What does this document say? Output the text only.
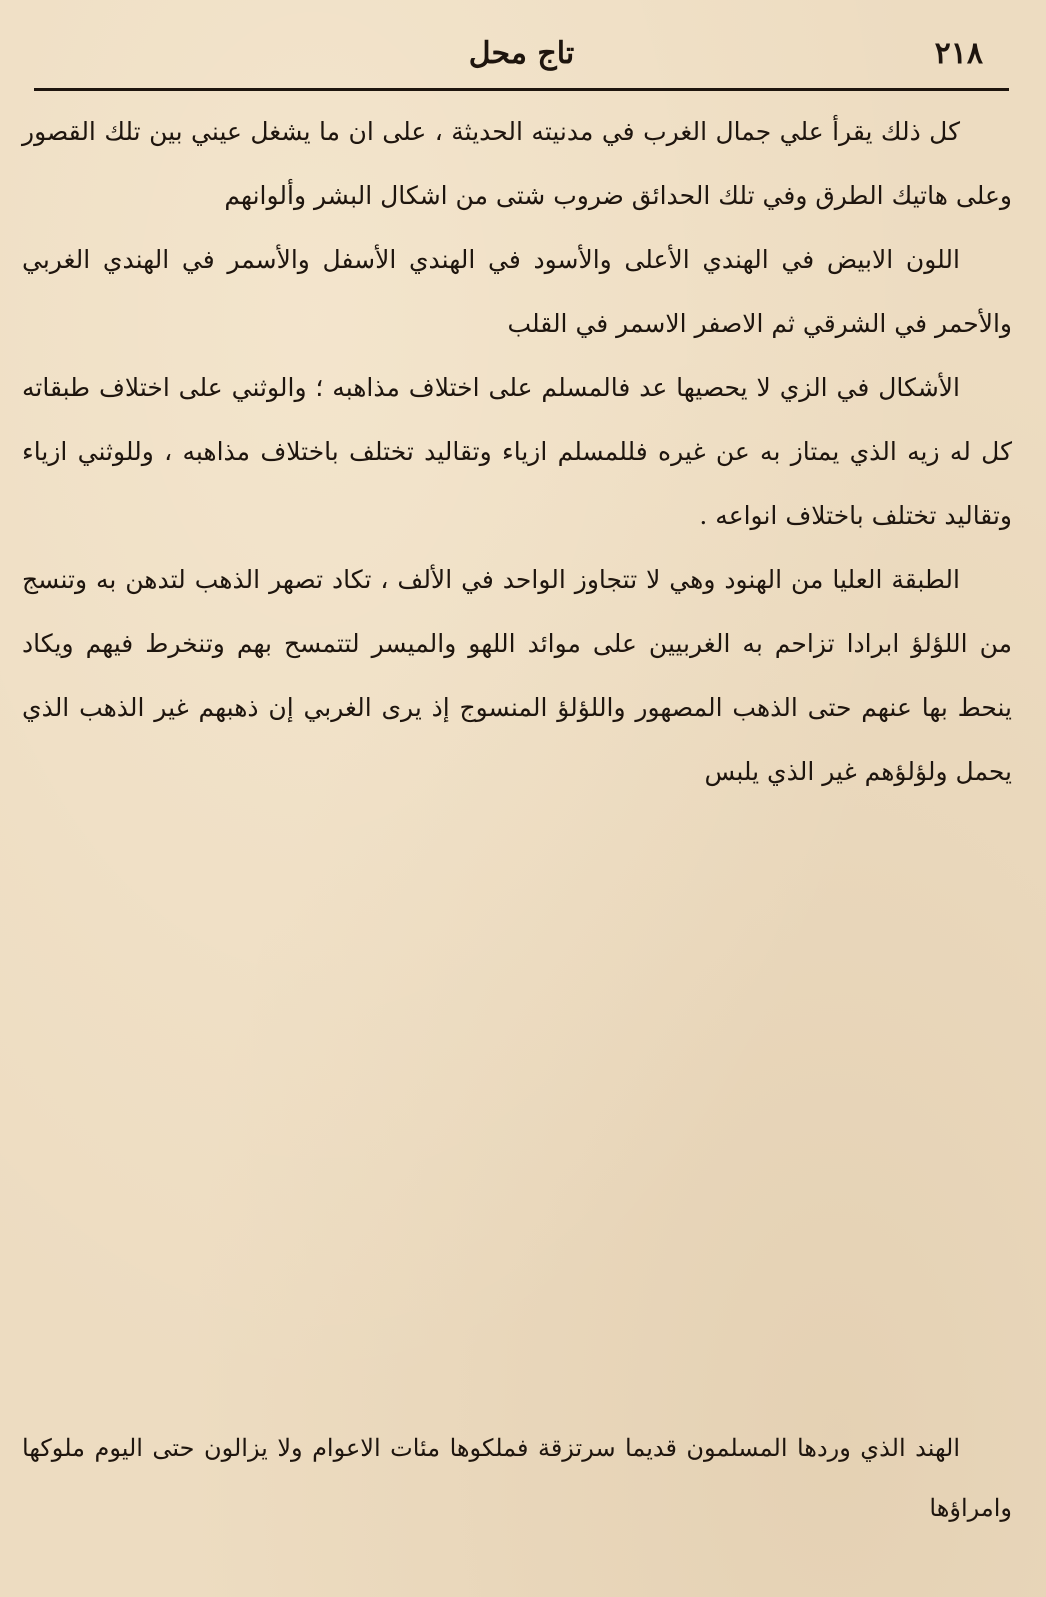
٢١٨
تاج محل

كل ذلك يقرأ علي جمال الغرب في مدنيته الحديثة ، على ان ما يشغل عيني بين تلك القصور وعلى هاتيك الطرق وفي تلك الحدائق ضروب شتى من اشكال البشر وألوانهم

اللون الابيض في الهندي الأعلى والأسود في الهندي الأسفل والأسمر في الهندي الغربي والأحمر في الشرقي ثم الاصفر الاسمر في القلب

الأشكال في الزي لا يحصيها عد فالمسلم على اختلاف مذاهبه ؛ والوثني على اختلاف طبقاته كل له زيه الذي يمتاز به عن غيره فللمسلم ازياء وتقاليد تختلف باختلاف مذاهبه ، وللوثني ازياء وتقاليد تختلف باختلاف انواعه .

الطبقة العليا من الهنود وهي لا تتجاوز الواحد في الألف ، تكاد تصهر الذهب لتدهن به وتنسج من اللؤلؤ ابرادا تزاحم به الغربيين على موائد اللهو والميسر لتتمسح بهم وتنخرط فيهم ويكاد ينحط بها عنهم حتى الذهب المصهور واللؤلؤ المنسوج إذ يرى الغربي إن ذهبهم غير الذهب الذي يحمل ولؤلؤهم غير الذي يلبس

الهند الذي وردها المسلمون قديما سرتزقة فملكوها مئات الاعوام ولا يزالون حتى اليوم ملوكها وامراؤها
